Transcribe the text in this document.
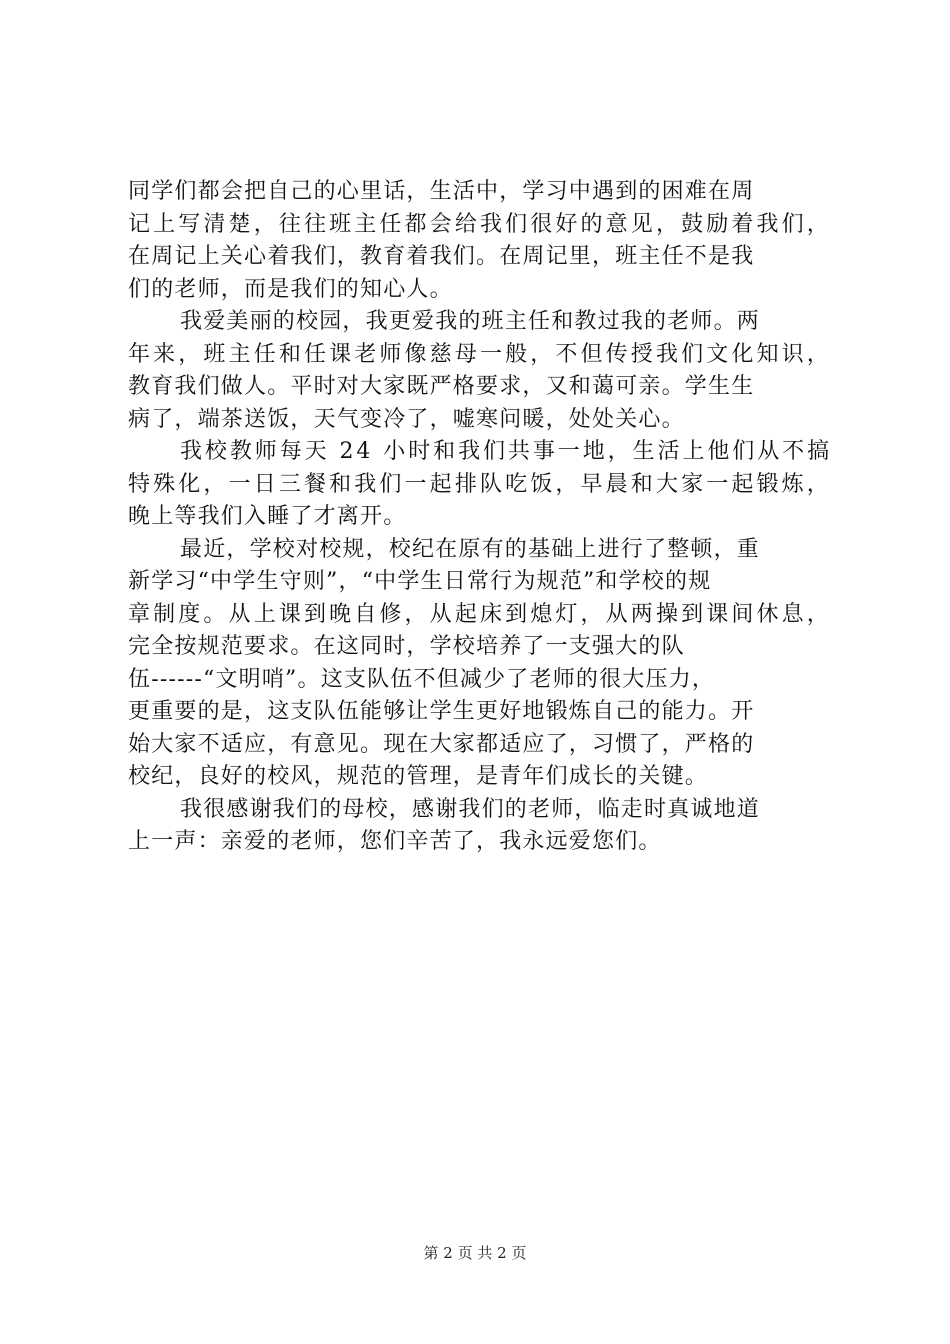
同学们都会把自己的心里话，生活中，学习中遇到的困难在周
记上写清楚，往往班主任都会给我们很好的意见，鼓励着我们，
在周记上关心着我们，教育着我们。在周记里，班主任不是我
们的老师，而是我们的知心人。
我爱美丽的校园，我更爱我的班主任和教过我的老师。两
年来，班主任和任课老师像慈母一般，不但传授我们文化知识，
教育我们做人。平时对大家既严格要求，又和蔼可亲。学生生
病了，端茶送饭，天气变冷了，嘘寒问暖，处处关心。
我校教师每天 24 小时和我们共事一地，生活上他们从不搞
特殊化，一日三餐和我们一起排队吃饭，早晨和大家一起锻炼，
晚上等我们入睡了才离开。
最近，学校对校规，校纪在原有的基础上进行了整顿，重
新学习“中学生守则”，“中学生日常行为规范”和学校的规
章制度。从上课到晚自修，从起床到熄灯，从两操到课间休息，
完全按规范要求。在这同时，学校培养了一支强大的队
伍------“文明哨”。这支队伍不但减少了老师的很大压力，
更重要的是，这支队伍能够让学生更好地锻炼自己的能力。开
始大家不适应，有意见。现在大家都适应了，习惯了，严格的
校纪，良好的校风，规范的管理，是青年们成长的关键。
我很感谢我们的母校，感谢我们的老师，临走时真诚地道
上一声：亲爱的老师，您们辛苦了，我永远爱您们。
第 2 页 共 2 页
